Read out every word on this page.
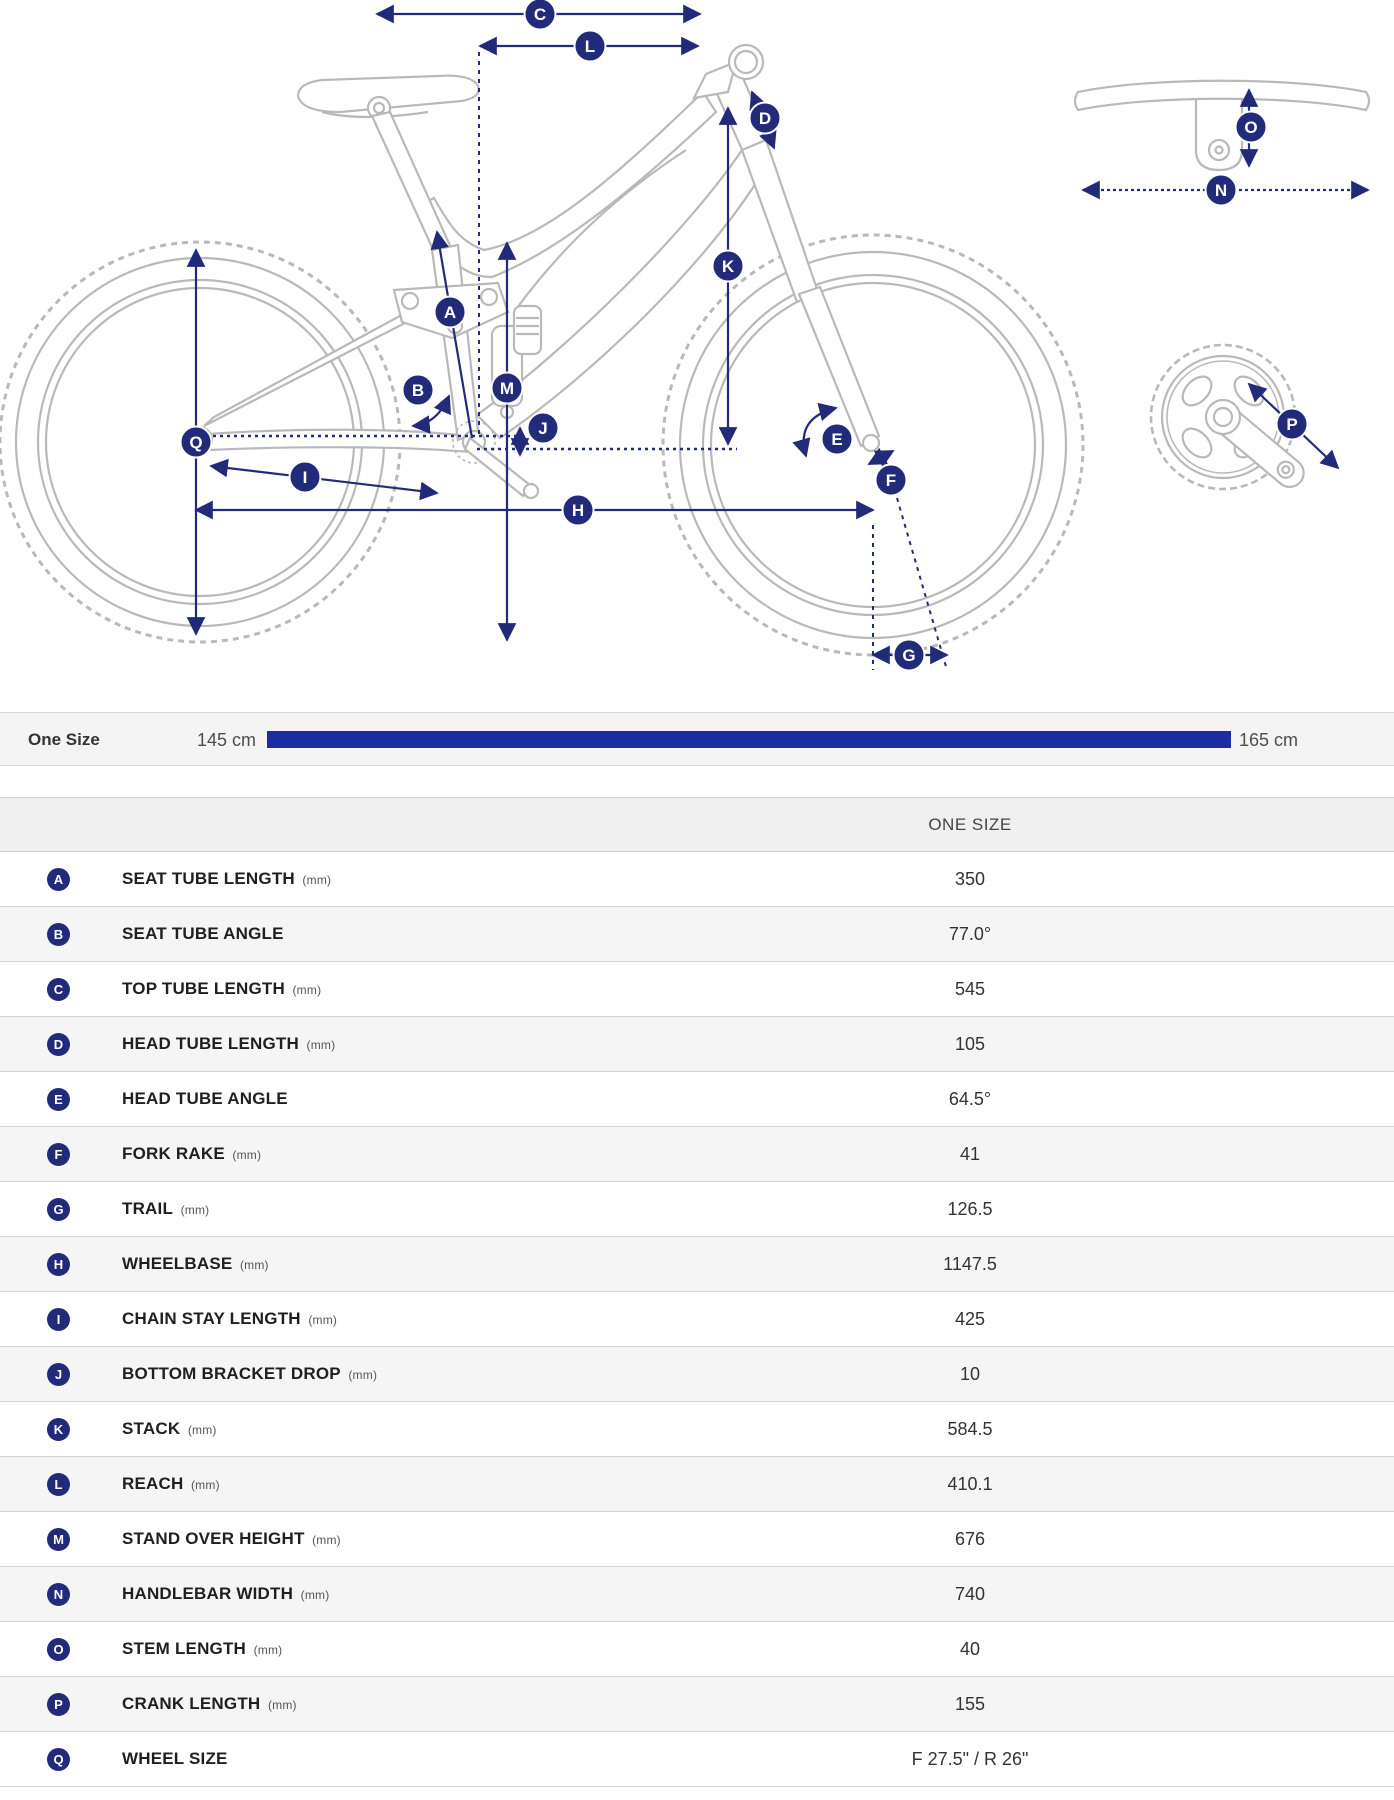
C
L
D
K
A
B	M
J
Q
I
H
E
F
G
O
N
P
One Size	145 cm	165 cm
ONE SIZE
A	SEAT TUBE LENGTH (mm)	350
B	SEAT TUBE ANGLE	77.0°
C	TOP TUBE LENGTH (mm)	545
D	HEAD TUBE LENGTH (mm)	105
E	HEAD TUBE ANGLE	64.5°
F	FORK RAKE (mm)	41
G	TRAIL (mm)	126.5
H	WHEELBASE (mm)	1147.5
I	CHAIN STAY LENGTH (mm)	425
J	BOTTOM BRACKET DROP (mm)	10
K	STACK (mm)	584.5
L	REACH (mm)	410.1
M	STAND OVER HEIGHT (mm)	676
N	HANDLEBAR WIDTH (mm)	740
O	STEM LENGTH (mm)	40
P	CRANK LENGTH (mm)	155
Q	WHEEL SIZE	F 27.5" / R 26"
